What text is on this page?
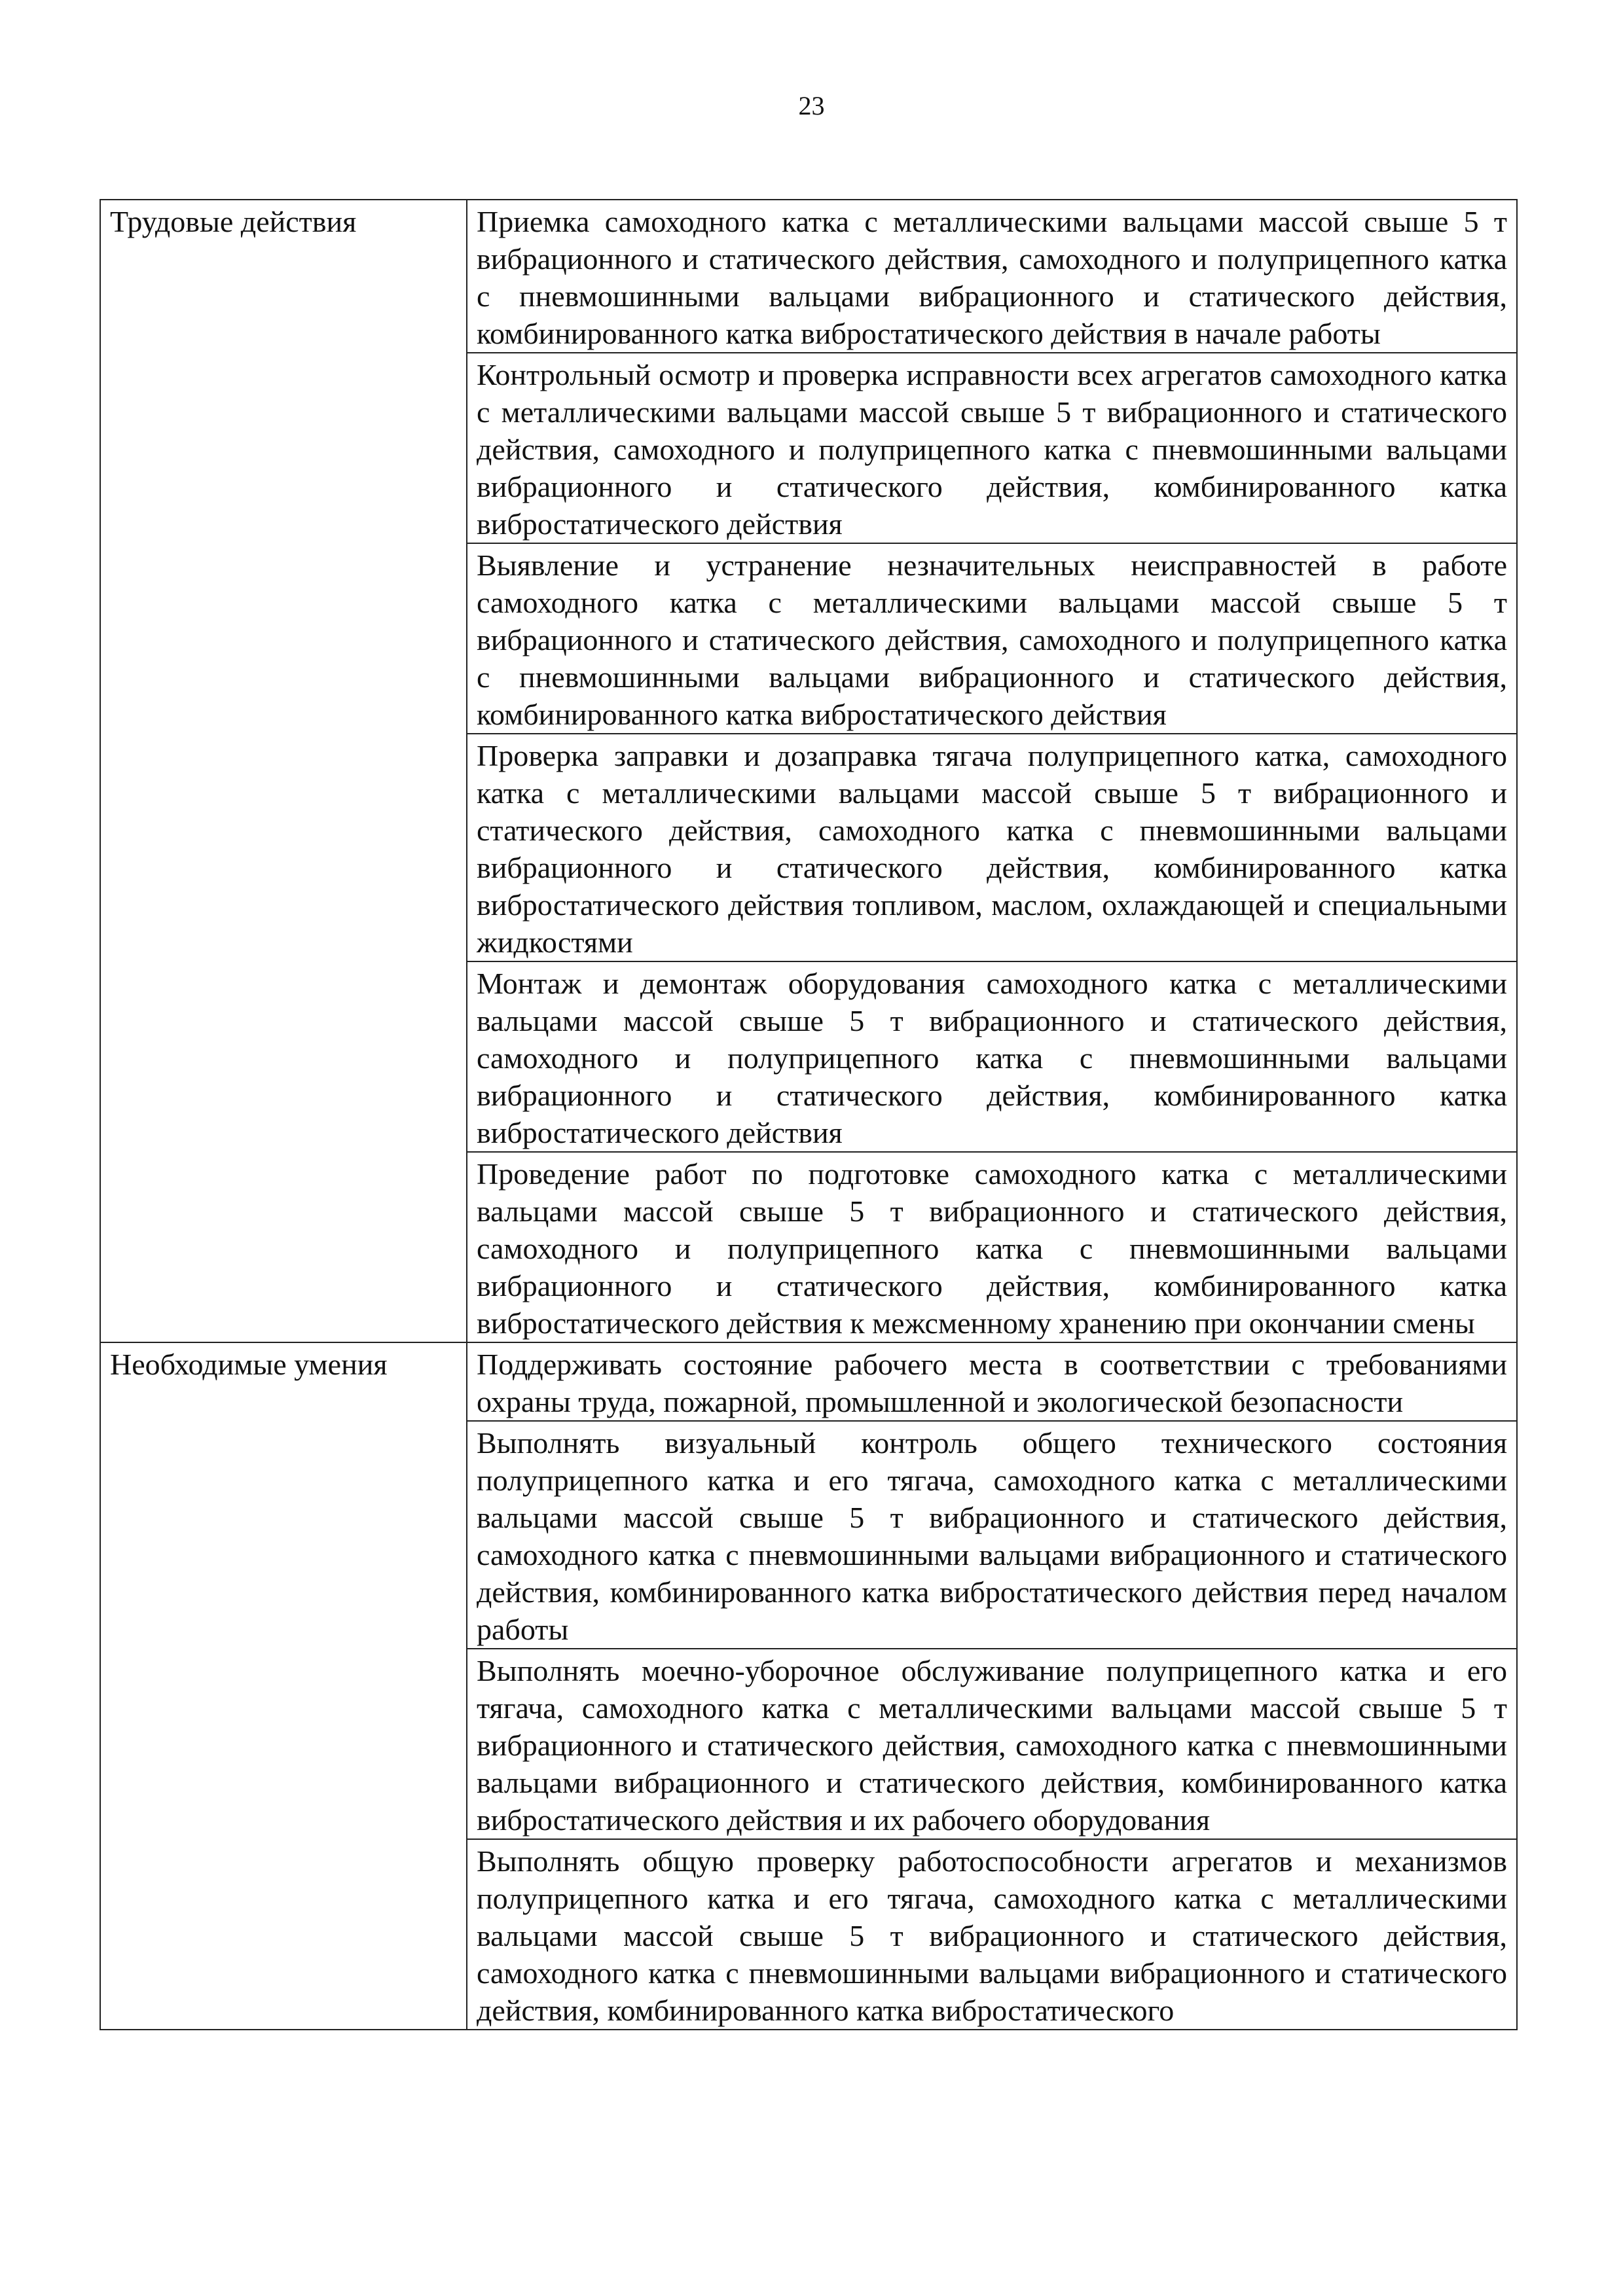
23
Трудовые действия	Приемка самоходного катка с металлическими вальцами массой свыше 5 т вибрационного и статического действия, самоходного и полуприцепного катка с пневмошинными вальцами вибрационного и статического действия, комбинированного катка вибростатического действия в начале работы
	Контрольный осмотр и проверка исправности всех агрегатов самоходного катка с металлическими вальцами массой свыше 5 т вибрационного и статического действия, самоходного и полуприцепного катка с пневмошинными вальцами вибрационного и статического действия, комбинированного катка вибростатического действия
	Выявление и устранение незначительных неисправностей в работе самоходного катка с металлическими вальцами массой свыше 5 т вибрационного и статического действия, самоходного и полуприцепного катка с пневмошинными вальцами вибрационного и статического действия, комбинированного катка вибростатического действия
	Проверка заправки и дозаправка тягача полуприцепного катка, самоходного катка с металлическими вальцами массой свыше 5 т вибрационного и статического действия, самоходного катка с пневмошинными вальцами вибрационного и статического действия, комбинированного катка вибростатического действия топливом, маслом, охлаждающей и специальными жидкостями
	Монтаж и демонтаж оборудования самоходного катка с металлическими вальцами массой свыше 5 т вибрационного и статического действия, самоходного и полуприцепного катка с пневмошинными вальцами вибрационного и статического действия, комбинированного катка вибростатического действия
	Проведение работ по подготовке самоходного катка с металлическими вальцами массой свыше 5 т вибрационного и статического действия, самоходного и полуприцепного катка с пневмошинными вальцами вибрационного и статического действия, комбинированного катка вибростатического действия к межсменному хранению при окончании смены
Необходимые умения	Поддерживать состояние рабочего места в соответствии с требованиями охраны труда, пожарной, промышленной и экологической безопасности
	Выполнять визуальный контроль общего технического состояния полуприцепного катка и его тягача, самоходного катка с металлическими вальцами массой свыше 5 т вибрационного и статического действия, самоходного катка с пневмошинными вальцами вибрационного и статического действия, комбинированного катка вибростатического действия перед началом работы
	Выполнять моечно-уборочное обслуживание полуприцепного катка и его тягача, самоходного катка с металлическими вальцами массой свыше 5 т вибрационного и статического действия, самоходного катка с пневмошинными вальцами вибрационного и статического действия, комбинированного катка вибростатического действия и их рабочего оборудования
	Выполнять общую проверку работоспособности агрегатов и механизмов полуприцепного катка и его тягача, самоходного катка с металлическими вальцами массой свыше 5 т вибрационного и статического действия, самоходного катка с пневмошинными вальцами вибрационного и статического действия, комбинированного катка вибростатического
